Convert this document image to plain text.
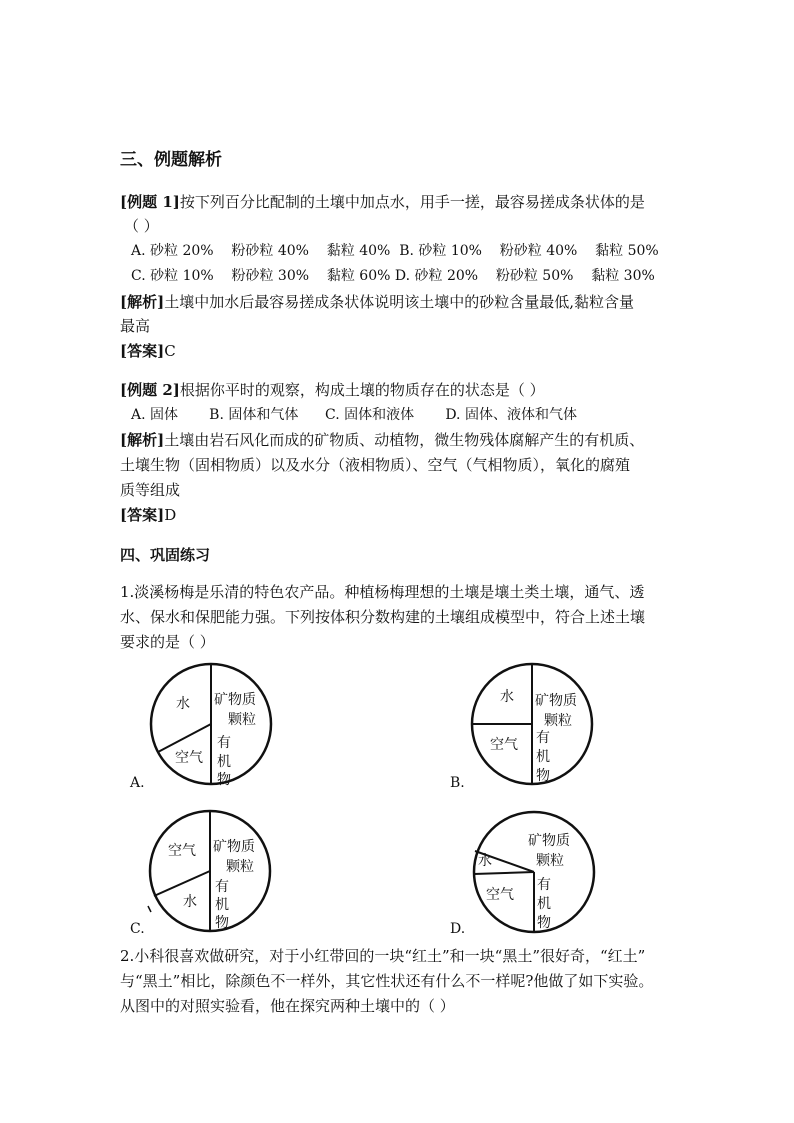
三、例题解析
[例题 1]按下列百分比配制的土壤中加点水，用手一搓，最容易搓成条状体的是
（ ）
A. 砂粒 20%    粉砂粒 40%    黏粒 40%  B. 砂粒 10%    粉砂粒 40%    黏粒 50%
C. 砂粒 10%    粉砂粒 30%    黏粒 60% D. 砂粒 20%    粉砂粒 50%    黏粒 30%
[解析]土壤中加水后最容易搓成条状体说明该土壤中的砂粒含量最低,黏粒含量
最高
[答案]C
[例题 2]根据你平时的观察，构成土壤的物质存在的状态是（ ）
A. 固体       B. 固体和气体      C. 固体和液体       D. 固体、液体和气体
[解析]土壤由岩石风化而成的矿物质、动植物，微生物残体腐解产生的有机质、
土壤生物（固相物质）以及水分（液相物质）、空气（气相物质），氧化的腐殖
质等组成
[答案]D
四、巩固练习
1.淡溪杨梅是乐清的特色农产品。种植杨梅理想的土壤是壤土类土壤，通气、透
水、保水和保肥能力强。下列按体积分数构建的土壤组成模型中，符合上述土壤
要求的是（ ）
水 矿物质
颗粒
空气
有
机
物
A.
水 矿物质
颗粒
空气 有
机
物
B.
空气 矿物质
颗粒
水
有
机
物
C.
矿物质
颗粒
水
空气
有
机
物
D.
2.小科很喜欢做研究，对于小红带回的一块“红土”和一块“黑土”很好奇，“红土”
与“黑土”相比，除颜色不一样外，其它性状还有什么不一样呢?他做了如下实验。
从图中的对照实验看，他在探究两种土壤中的（ ）
